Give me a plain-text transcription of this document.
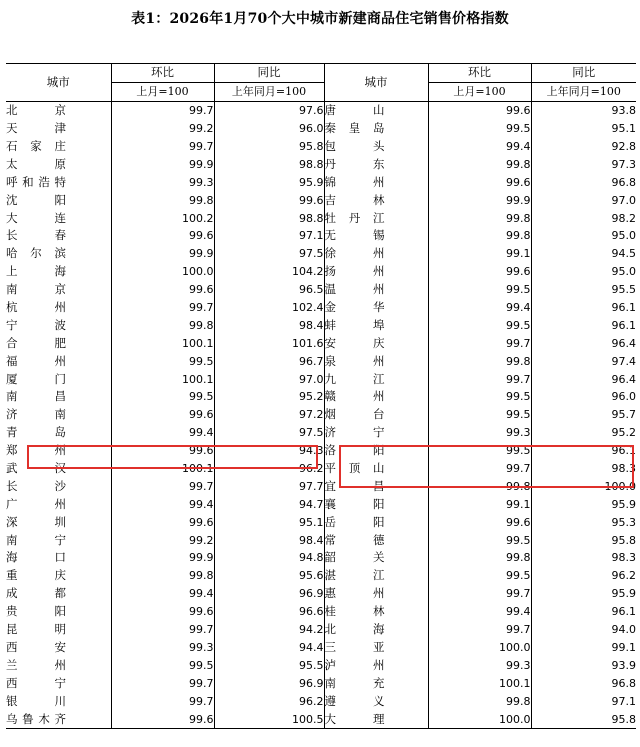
表1：2026年1月70个大中城市新建商品住宅销售价格指数
城市	环比	同比	城市	环比	同比
	上月=100	上年同月=100		上月=100	上年同月=100
北　　京	99.7	97.6	唐　　山	99.6	93.8
天　　津	99.2	96.0	秦 皇 岛	99.5	95.1
石 家 庄	99.7	95.8	包　　头	99.4	92.8
太　　原	99.9	98.8	丹　　东	99.8	97.3
呼和浩特	99.3	95.9	锦　　州	99.6	96.8
沈　　阳	99.8	99.6	吉　　林	99.9	97.0
大　　连	100.2	98.8	牡 丹 江	99.8	98.2
长　　春	99.6	97.1	无　　锡	99.8	95.0
哈 尔 滨	99.9	97.5	徐　　州	99.1	94.5
上　　海	100.0	104.2	扬　　州	99.6	95.0
南　　京	99.6	96.5	温　　州	99.5	95.5
杭　　州	99.7	102.4	金　　华	99.4	96.1
宁　　波	99.8	98.4	蚌　　埠	99.5	96.1
合　　肥	100.1	101.6	安　　庆	99.7	96.4
福　　州	99.5	96.7	泉　　州	99.8	97.4
厦　　门	100.1	97.0	九　　江	99.7	96.4
南　　昌	99.5	95.2	赣　　州	99.5	96.0
济　　南	99.6	97.2	烟　　台	99.5	95.7
青　　岛	99.4	97.5	济　　宁	99.3	95.2
郑　　州	99.6	94.3	洛　　阳	99.5	96.1
武　　汉	100.1	96.2	平 顶 山	99.7	98.3
长　　沙	99.7	97.7	宜　　昌	99.8	100.0
广　　州	99.4	94.7	襄　　阳	99.1	95.9
深　　圳	99.6	95.1	岳　　阳	99.6	95.3
南　　宁	99.2	98.4	常　　德	99.5	95.8
海　　口	99.9	94.8	韶　　关	99.8	98.3
重　　庆	99.8	95.6	湛　　江	99.5	96.2
成　　都	99.4	96.9	惠　　州	99.7	95.9
贵　　阳	99.6	96.6	桂　　林	99.4	96.1
昆　　明	99.7	94.2	北　　海	99.7	94.0
西　　安	99.3	94.4	三　　亚	100.0	99.1
兰　　州	99.5	95.5	泸　　州	99.3	93.9
西　　宁	99.7	96.9	南　　充	100.1	96.8
银　　川	99.7	96.2	遵　　义	99.8	97.1
乌鲁木齐	99.6	100.5	大　　理	100.0	95.8
